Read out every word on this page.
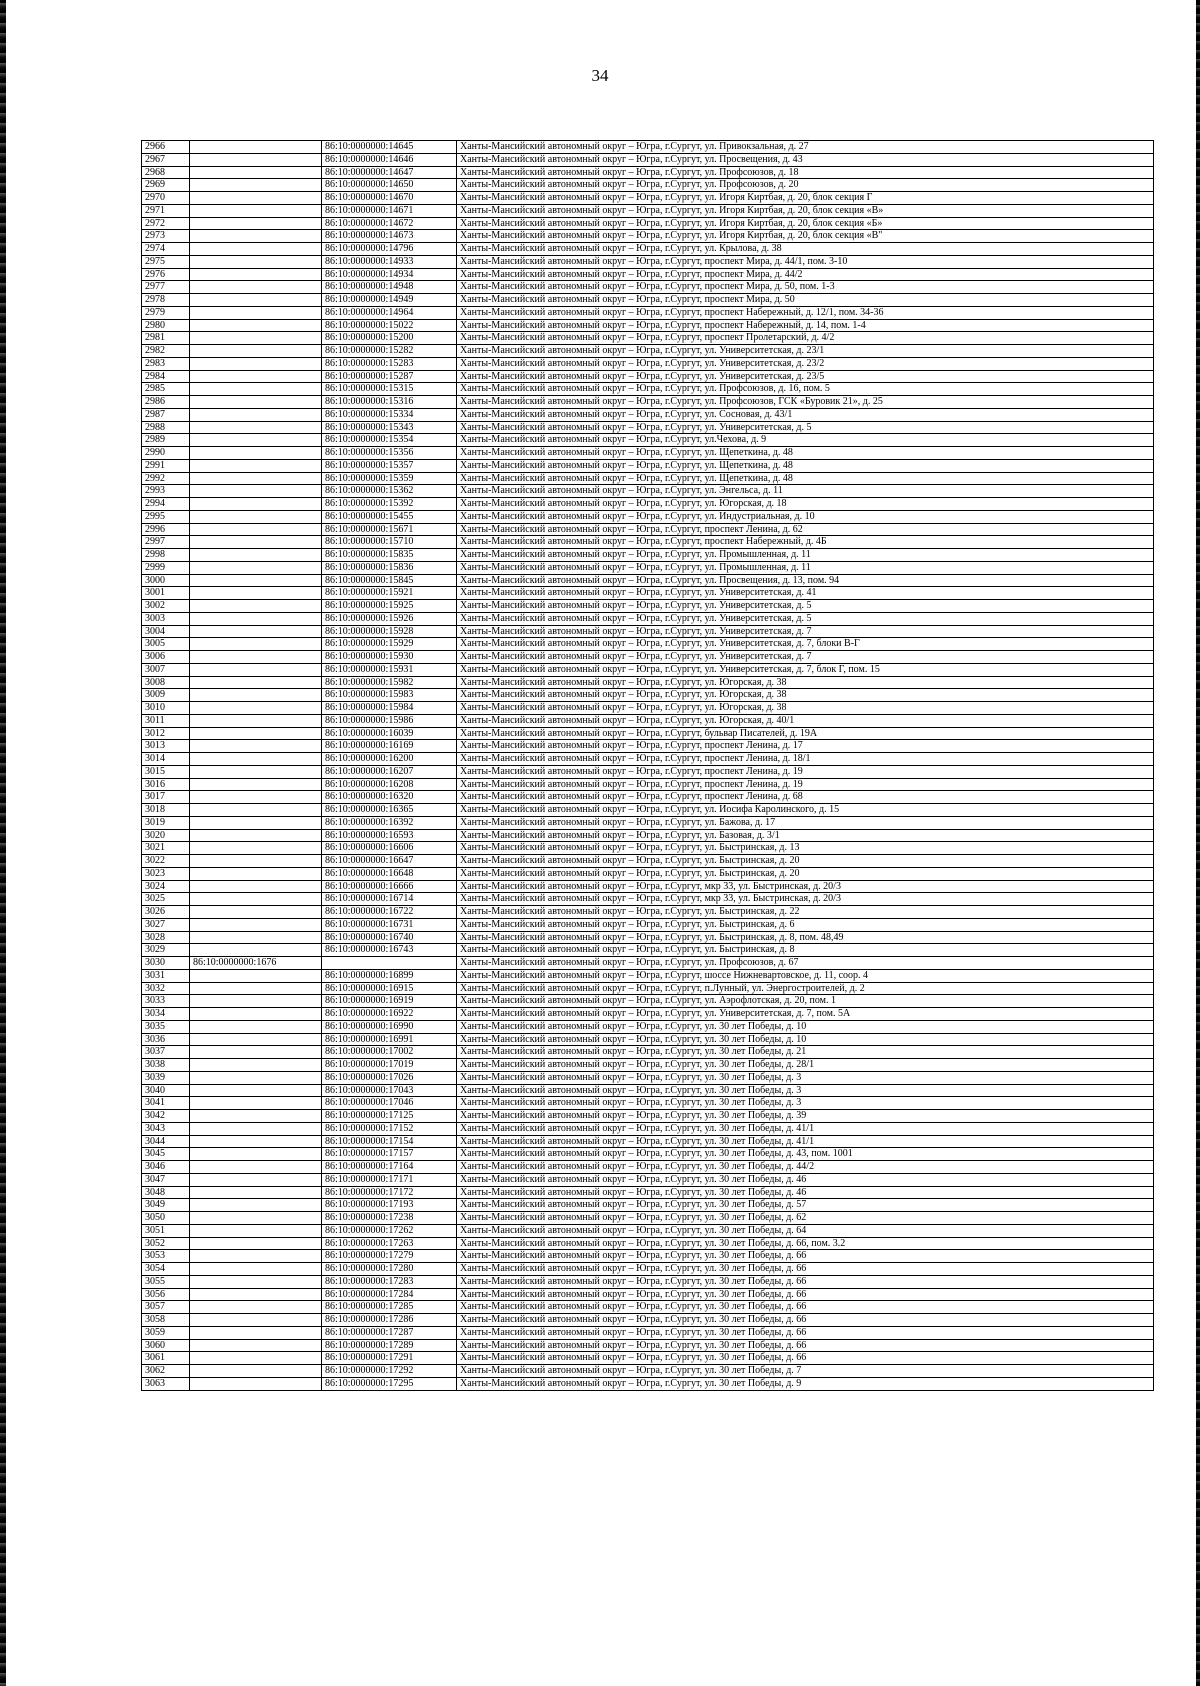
34
2966		86:10:0000000:14645	Ханты-Мансийский автономный округ – Югра, г.Сургут, ул. Привокзальная, д. 27
2967		86:10:0000000:14646	Ханты-Мансийский автономный округ – Югра, г.Сургут, ул. Просвещения, д. 43
2968		86:10:0000000:14647	Ханты-Мансийский автономный округ – Югра, г.Сургут, ул. Профсоюзов, д. 18
2969		86:10:0000000:14650	Ханты-Мансийский автономный округ – Югра, г.Сургут, ул. Профсоюзов, д. 20
2970		86:10:0000000:14670	Ханты-Мансийский автономный округ – Югра, г.Сургут, ул. Игоря Киртбая, д. 20, блок секция Г
2971		86:10:0000000:14671	Ханты-Мансийский автономный округ – Югра, г.Сургут, ул. Игоря Киртбая, д. 20, блок секция «В»
2972		86:10:0000000:14672	Ханты-Мансийский автономный округ – Югра, г.Сургут, ул. Игоря Киртбая, д. 20, блок секция «Б»
2973		86:10:0000000:14673	Ханты-Мансийский автономный округ – Югра, г.Сургут, ул. Игоря Киртбая, д. 20, блок секция «В"
2974		86:10:0000000:14796	Ханты-Мансийский автономный округ – Югра, г.Сургут, ул. Крылова, д. 38
2975		86:10:0000000:14933	Ханты-Мансийский автономный округ – Югра, г.Сургут, проспект Мира, д. 44/1, пом. 3-10
2976		86:10:0000000:14934	Ханты-Мансийский автономный округ – Югра, г.Сургут, проспект Мира, д. 44/2
2977		86:10:0000000:14948	Ханты-Мансийский автономный округ – Югра, г.Сургут, проспект Мира, д. 50, пом. 1-3
2978		86:10:0000000:14949	Ханты-Мансийский автономный округ – Югра, г.Сургут, проспект Мира, д. 50
2979		86:10:0000000:14964	Ханты-Мансийский автономный округ – Югра, г.Сургут, проспект Набережный, д. 12/1, пом. 34-36
2980		86:10:0000000:15022	Ханты-Мансийский автономный округ – Югра, г.Сургут, проспект Набережный, д. 14, пом. 1-4
2981		86:10:0000000:15200	Ханты-Мансийский автономный округ – Югра, г.Сургут, проспект Пролетарский, д. 4/2
2982		86:10:0000000:15282	Ханты-Мансийский автономный округ – Югра, г.Сургут, ул. Университетская, д. 23/1
2983		86:10:0000000:15283	Ханты-Мансийский автономный округ – Югра, г.Сургут, ул. Университетская, д. 23/2
2984		86:10:0000000:15287	Ханты-Мансийский автономный округ – Югра, г.Сургут, ул. Университетская, д. 23/5
2985		86:10:0000000:15315	Ханты-Мансийский автономный округ – Югра, г.Сургут, ул. Профсоюзов, д. 16, пом. 5
2986		86:10:0000000:15316	Ханты-Мансийский автономный округ – Югра, г.Сургут, ул. Профсоюзов, ГСК «Буровик 21», д. 25
2987		86:10:0000000:15334	Ханты-Мансийский автономный округ – Югра, г.Сургут, ул. Сосновая, д. 43/1
2988		86:10:0000000:15343	Ханты-Мансийский автономный округ – Югра, г.Сургут, ул. Университетская, д. 5
2989		86:10:0000000:15354	Ханты-Мансийский автономный округ – Югра, г.Сургут, ул.Чехова, д. 9
2990		86:10:0000000:15356	Ханты-Мансийский автономный округ – Югра, г.Сургут, ул. Щепеткина, д. 48
2991		86:10:0000000:15357	Ханты-Мансийский автономный округ – Югра, г.Сургут, ул. Щепеткина, д. 48
2992		86:10:0000000:15359	Ханты-Мансийский автономный округ – Югра, г.Сургут, ул. Щепеткина, д. 48
2993		86:10:0000000:15362	Ханты-Мансийский автономный округ – Югра, г.Сургут, ул. Энгельса, д. 11
2994		86:10:0000000:15392	Ханты-Мансийский автономный округ – Югра, г.Сургут, ул. Югорская, д. 18
2995		86:10:0000000:15455	Ханты-Мансийский автономный округ – Югра, г.Сургут, ул. Индустриальная, д. 10
2996		86:10:0000000:15671	Ханты-Мансийский автономный округ – Югра, г.Сургут, проспект Ленина, д. 62
2997		86:10:0000000:15710	Ханты-Мансийский автономный округ – Югра, г.Сургут, проспект Набережный, д. 4Б
2998		86:10:0000000:15835	Ханты-Мансийский автономный округ – Югра, г.Сургут, ул. Промышленная, д. 11
2999		86:10:0000000:15836	Ханты-Мансийский автономный округ – Югра, г.Сургут, ул. Промышленная, д. 11
3000		86:10:0000000:15845	Ханты-Мансийский автономный округ – Югра, г.Сургут, ул. Просвещения, д. 13, пом. 94
3001		86:10:0000000:15921	Ханты-Мансийский автономный округ – Югра, г.Сургут, ул. Университетская, д. 41
3002		86:10:0000000:15925	Ханты-Мансийский автономный округ – Югра, г.Сургут, ул. Университетская, д. 5
3003		86:10:0000000:15926	Ханты-Мансийский автономный округ – Югра, г.Сургут, ул. Университетская, д. 5
3004		86:10:0000000:15928	Ханты-Мансийский автономный округ – Югра, г.Сургут, ул. Университетская, д. 7
3005		86:10:0000000:15929	Ханты-Мансийский автономный округ – Югра, г.Сургут, ул. Университетская, д. 7, блоки В-Г
3006		86:10:0000000:15930	Ханты-Мансийский автономный округ – Югра, г.Сургут, ул. Университетская, д. 7
3007		86:10:0000000:15931	Ханты-Мансийский автономный округ – Югра, г.Сургут, ул. Университетская, д. 7, блок Г, пом. 15
3008		86:10:0000000:15982	Ханты-Мансийский автономный округ – Югра, г.Сургут, ул. Югорская, д. 38
3009		86:10:0000000:15983	Ханты-Мансийский автономный округ – Югра, г.Сургут, ул. Югорская, д. 38
3010		86:10:0000000:15984	Ханты-Мансийский автономный округ – Югра, г.Сургут, ул. Югорская, д. 38
3011		86:10:0000000:15986	Ханты-Мансийский автономный округ – Югра, г.Сургут, ул. Югорская, д. 40/1
3012		86:10:0000000:16039	Ханты-Мансийский автономный округ – Югра, г.Сургут, бульвар Писателей, д. 19А
3013		86:10:0000000:16169	Ханты-Мансийский автономный округ – Югра, г.Сургут, проспект Ленина, д. 17
3014		86:10:0000000:16200	Ханты-Мансийский автономный округ – Югра, г.Сургут, проспект Ленина, д. 18/1
3015		86:10:0000000:16207	Ханты-Мансийский автономный округ – Югра, г.Сургут, проспект Ленина, д. 19
3016		86:10:0000000:16208	Ханты-Мансийский автономный округ – Югра, г.Сургут, проспект Ленина, д. 19
3017		86:10:0000000:16320	Ханты-Мансийский автономный округ – Югра, г.Сургут, проспект Ленина, д. 68
3018		86:10:0000000:16365	Ханты-Мансийский автономный округ – Югра, г.Сургут, ул. Иосифа Каролинского, д. 15
3019		86:10:0000000:16392	Ханты-Мансийский автономный округ – Югра, г.Сургут, ул. Бажова, д. 17
3020		86:10:0000000:16593	Ханты-Мансийский автономный округ – Югра, г.Сургут, ул. Базовая, д. 3/1
3021		86:10:0000000:16606	Ханты-Мансийский автономный округ – Югра, г.Сургут, ул. Быстринская, д. 13
3022		86:10:0000000:16647	Ханты-Мансийский автономный округ – Югра, г.Сургут, ул. Быстринская, д. 20
3023		86:10:0000000:16648	Ханты-Мансийский автономный округ – Югра, г.Сургут, ул. Быстринская, д. 20
3024		86:10:0000000:16666	Ханты-Мансийский автономный округ – Югра, г.Сургут, мкр 33, ул. Быстринская, д. 20/3
3025		86:10:0000000:16714	Ханты-Мансийский автономный округ – Югра, г.Сургут, мкр 33, ул. Быстринская, д. 20/3
3026		86:10:0000000:16722	Ханты-Мансийский автономный округ – Югра, г.Сургут, ул. Быстринская, д. 22
3027		86:10:0000000:16731	Ханты-Мансийский автономный округ – Югра, г.Сургут, ул. Быстринская, д. 6
3028		86:10:0000000:16740	Ханты-Мансийский автономный округ – Югра, г.Сургут, ул. Быстринская, д. 8, пом. 48,49
3029		86:10:0000000:16743	Ханты-Мансийский автономный округ – Югра, г.Сургут, ул. Быстринская, д. 8
3030	86:10:0000000:1676		Ханты-Мансийский автономный округ – Югра, г.Сургут, ул. Профсоюзов, д. 67
3031		86:10:0000000:16899	Ханты-Мансийский автономный округ – Югра, г.Сургут, шоссе Нижневартовское, д. 11, соор. 4
3032		86:10:0000000:16915	Ханты-Мансийский автономный округ – Югра, г.Сургут, п.Лунный, ул. Энергостроителей, д. 2
3033		86:10:0000000:16919	Ханты-Мансийский автономный округ – Югра, г.Сургут, ул. Аэрофлотская, д. 20, пом. 1
3034		86:10:0000000:16922	Ханты-Мансийский автономный округ – Югра, г.Сургут, ул. Университетская, д. 7, пом. 5А
3035		86:10:0000000:16990	Ханты-Мансийский автономный округ – Югра, г.Сургут, ул. 30 лет Победы, д. 10
3036		86:10:0000000:16991	Ханты-Мансийский автономный округ – Югра, г.Сургут, ул. 30 лет Победы, д. 10
3037		86:10:0000000:17002	Ханты-Мансийский автономный округ – Югра, г.Сургут, ул. 30 лет Победы, д. 21
3038		86:10:0000000:17019	Ханты-Мансийский автономный округ – Югра, г.Сургут, ул. 30 лет Победы, д. 28/1
3039		86:10:0000000:17026	Ханты-Мансийский автономный округ – Югра, г.Сургут, ул. 30 лет Победы, д. 3
3040		86:10:0000000:17043	Ханты-Мансийский автономный округ – Югра, г.Сургут, ул. 30 лет Победы, д. 3
3041		86:10:0000000:17046	Ханты-Мансийский автономный округ – Югра, г.Сургут, ул. 30 лет Победы, д. 3
3042		86:10:0000000:17125	Ханты-Мансийский автономный округ – Югра, г.Сургут, ул. 30 лет Победы, д. 39
3043		86:10:0000000:17152	Ханты-Мансийский автономный округ – Югра, г.Сургут, ул. 30 лет Победы, д. 41/1
3044		86:10:0000000:17154	Ханты-Мансийский автономный округ – Югра, г.Сургут, ул. 30 лет Победы, д. 41/1
3045		86:10:0000000:17157	Ханты-Мансийский автономный округ – Югра, г.Сургут, ул. 30 лет Победы, д. 43, пом. 1001
3046		86:10:0000000:17164	Ханты-Мансийский автономный округ – Югра, г.Сургут, ул. 30 лет Победы, д. 44/2
3047		86:10:0000000:17171	Ханты-Мансийский автономный округ – Югра, г.Сургут, ул. 30 лет Победы, д. 46
3048		86:10:0000000:17172	Ханты-Мансийский автономный округ – Югра, г.Сургут, ул. 30 лет Победы, д. 46
3049		86:10:0000000:17193	Ханты-Мансийский автономный округ – Югра, г.Сургут, ул. 30 лет Победы, д. 57
3050		86:10:0000000:17238	Ханты-Мансийский автономный округ – Югра, г.Сургут, ул. 30 лет Победы, д. 62
3051		86:10:0000000:17262	Ханты-Мансийский автономный округ – Югра, г.Сургут, ул. 30 лет Победы, д. 64
3052		86:10:0000000:17263	Ханты-Мансийский автономный округ – Югра, г.Сургут, ул. 30 лет Победы, д. 66, пом. 3.2
3053		86:10:0000000:17279	Ханты-Мансийский автономный округ – Югра, г.Сургут, ул. 30 лет Победы, д. 66
3054		86:10:0000000:17280	Ханты-Мансийский автономный округ – Югра, г.Сургут, ул. 30 лет Победы, д. 66
3055		86:10:0000000:17283	Ханты-Мансийский автономный округ – Югра, г.Сургут, ул. 30 лет Победы, д. 66
3056		86:10:0000000:17284	Ханты-Мансийский автономный округ – Югра, г.Сургут, ул. 30 лет Победы, д. 66
3057		86:10:0000000:17285	Ханты-Мансийский автономный округ – Югра, г.Сургут, ул. 30 лет Победы, д. 66
3058		86:10:0000000:17286	Ханты-Мансийский автономный округ – Югра, г.Сургут, ул. 30 лет Победы, д. 66
3059		86:10:0000000:17287	Ханты-Мансийский автономный округ – Югра, г.Сургут, ул. 30 лет Победы, д. 66
3060		86:10:0000000:17289	Ханты-Мансийский автономный округ – Югра, г.Сургут, ул. 30 лет Победы, д. 66
3061		86:10:0000000:17291	Ханты-Мансийский автономный округ – Югра, г.Сургут, ул. 30 лет Победы, д. 66
3062		86:10:0000000:17292	Ханты-Мансийский автономный округ – Югра, г.Сургут, ул. 30 лет Победы, д. 7
3063		86:10:0000000:17295	Ханты-Мансийский автономный округ – Югра, г.Сургут, ул. 30 лет Победы, д. 9
